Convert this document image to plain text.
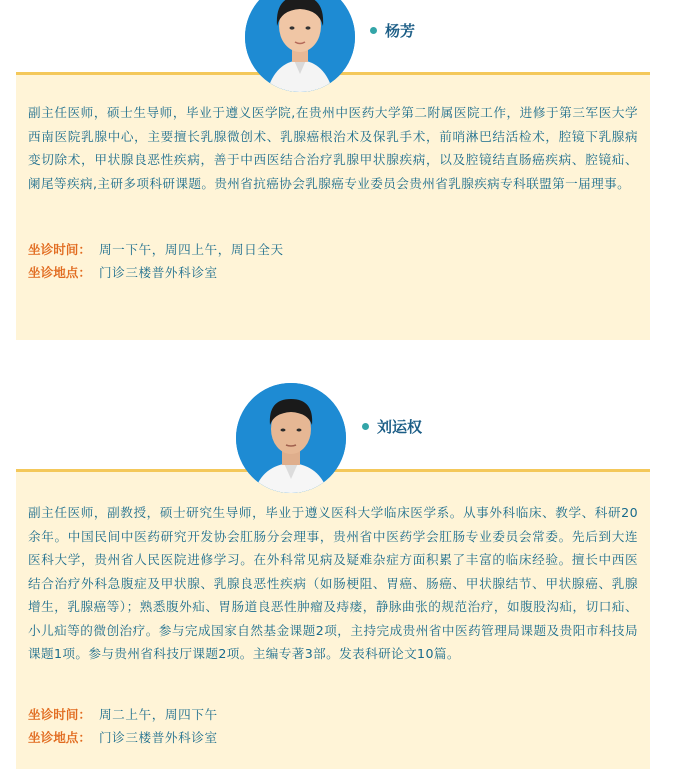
副主任医师，硕士生导师，毕业于遵义医学院,在贵州中医药大学第二附属医院工作，进修于第三军医大学西南医院乳腺中心，主要擅长乳腺微创术、乳腺癌根治术及保乳手术，前哨淋巴结活检术，腔镜下乳腺病变切除术，甲状腺良恶性疾病，善于中西医结合治疗乳腺甲状腺疾病，以及腔镜结直肠癌疾病、腔镜疝、阑尾等疾病,主研多项科研课题。贵州省抗癌协会乳腺癌专业委员会贵州省乳腺疾病专科联盟第一届理事。

坐诊时间： 周一下午，周四上午，周日全天
坐诊地点： 门诊三楼普外科诊室
杨芳

副主任医师，副教授，硕士研究生导师，毕业于遵义医科大学临床医学系。从事外科临床、教学、科研20余年。中国民间中医药研究开发协会肛肠分会理事，贵州省中医药学会肛肠专业委员会常委。先后到大连医科大学，贵州省人民医院进修学习。在外科常见病及疑难杂症方面积累了丰富的临床经验。擅长中西医结合治疗外科急腹症及甲状腺、乳腺良恶性疾病（如肠梗阻、胃癌、肠癌、甲状腺结节、甲状腺癌、乳腺增生，乳腺癌等）；熟悉腹外疝、胃肠道良恶性肿瘤及痔瘘，静脉曲张的规范治疗，如腹股沟疝，切口疝、小儿疝等的微创治疗。参与完成国家自然基金课题2项，主持完成贵州省中医药管理局课题及贵阳市科技局课题1项。参与贵州省科技厅课题2项。主编专著3部。发表科研论文10篇。

坐诊时间： 周二上午，周四下午
坐诊地点： 门诊三楼普外科诊室
刘运权
